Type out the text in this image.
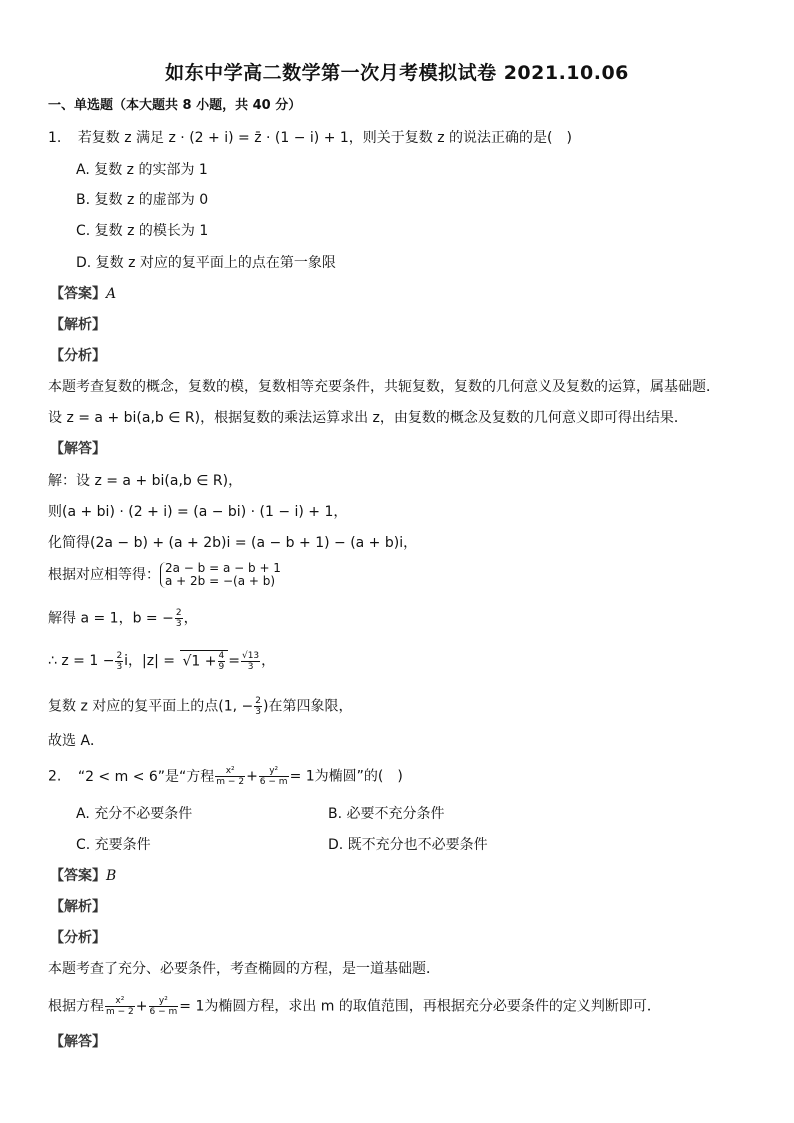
如东中学高二数学第一次月考模拟试卷 2021.10.06
一、单选题（本大题共 8 小题，共 40 分）
1. 若复数 z 满足 z · (2 + i) = z̄ · (1 − i) + 1，则关于复数 z 的说法正确的是(　)
A. 复数 z 的实部为 1
B. 复数 z 的虚部为 0
C. 复数 z 的模长为 1
D. 复数 z 对应的复平面上的点在第一象限
【答案】A
【解析】
【分析】
本题考查复数的概念，复数的模，复数相等充要条件，共轭复数，复数的几何意义及复数的运算，属基础题．
设 z = a + bi(a,b ∈ R)，根据复数的乘法运算求出 z，由复数的概念及复数的几何意义即可得出结果．
【解答】
解：设 z = a + bi(a,b ∈ R)，
则(a + bi) · (2 + i) = (a − bi) · (1 − i) + 1，
化简得(2a − b) + (a + 2b)i = (a − b + 1) − (a + b)i，
根据对应相等得： 2a − b = a − b + 1
a + 2b = −(a + b)
解得 a = 1，b = − $\frac{2}{3}$ ，
∴ $z = 1 - \frac{2}{3}$ i，$|z| = √1 + \frac{4}{9} = \frac{√13}{3}$ ，
复数 z 对应的复平面上的点(1, − $\frac{2}{3}$ )在第四象限，
故选 A．
2. “2 < m < 6”是“方程 $\frac{\text{x²}}{m - 2} + \frac{\text{y²}}{6 - m} = 1$为椭圆”的(　)
A. 充分不必要条件	B. 必要不充分条件
C. 充要条件	D. 既不充分也不必要条件
【答案】B
【解析】
【分析】
本题考查了充分、必要条件，考查椭圆的方程，是一道基础题．
根据方程 $\frac{\text{x²}}{m - 2} + \frac{\text{y²}}{6 - m} = 1$为椭圆方程，求出 m 的取值范围，再根据充分必要条件的定义判断即可．
【解答】
